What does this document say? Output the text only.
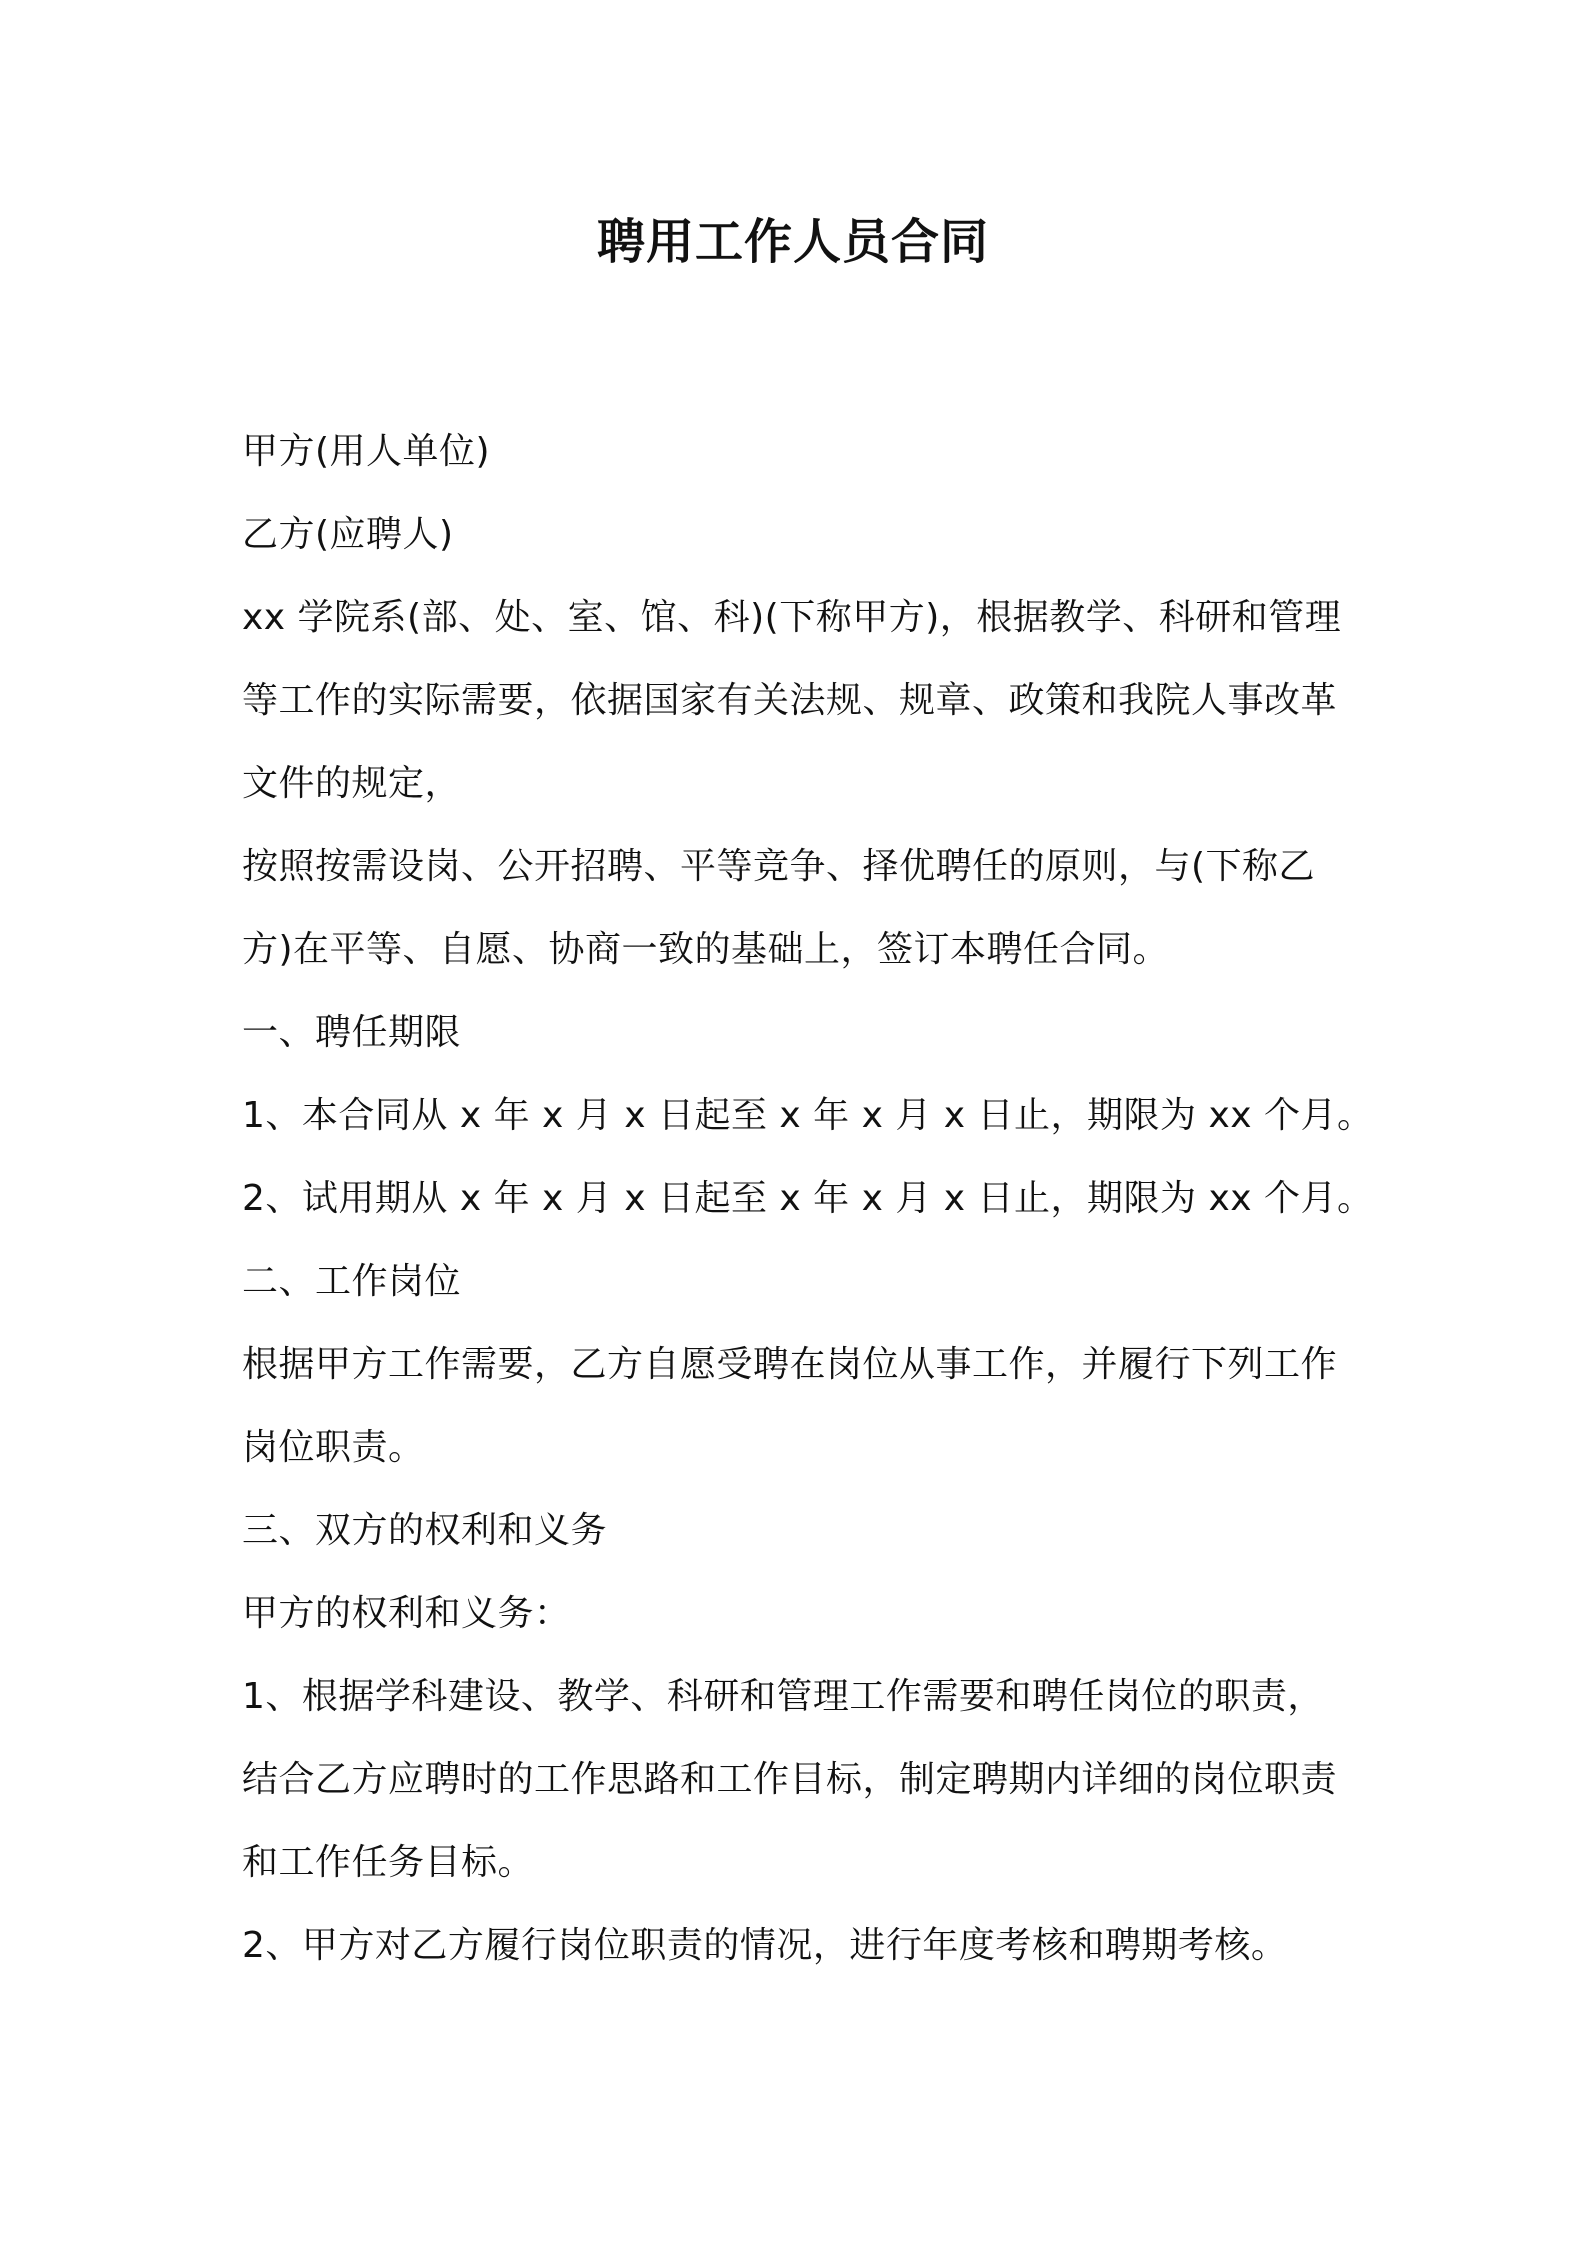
聘用工作人员合同

甲方(用人单位)

乙方(应聘人)

xx 学院系(部、处、室、馆、科)(下称甲方)，根据教学、科研和管理

等工作的实际需要，依据国家有关法规、规章、政策和我院人事改革

文件的规定，

按照按需设岗、公开招聘、平等竞争、择优聘任的原则，与(下称乙

方)在平等、自愿、协商一致的基础上，签订本聘任合同。

一、聘任期限

1、本合同从 x 年 x 月 x 日起至 x 年 x 月 x 日止，期限为 xx 个月。

2、试用期从 x 年 x 月 x 日起至 x 年 x 月 x 日止，期限为 xx 个月。

二、工作岗位

根据甲方工作需要，乙方自愿受聘在岗位从事工作，并履行下列工作

岗位职责。

三、双方的权利和义务

甲方的权利和义务：

1、根据学科建设、教学、科研和管理工作需要和聘任岗位的职责，

结合乙方应聘时的工作思路和工作目标，制定聘期内详细的岗位职责

和工作任务目标。

2、甲方对乙方履行岗位职责的情况，进行年度考核和聘期考核。
